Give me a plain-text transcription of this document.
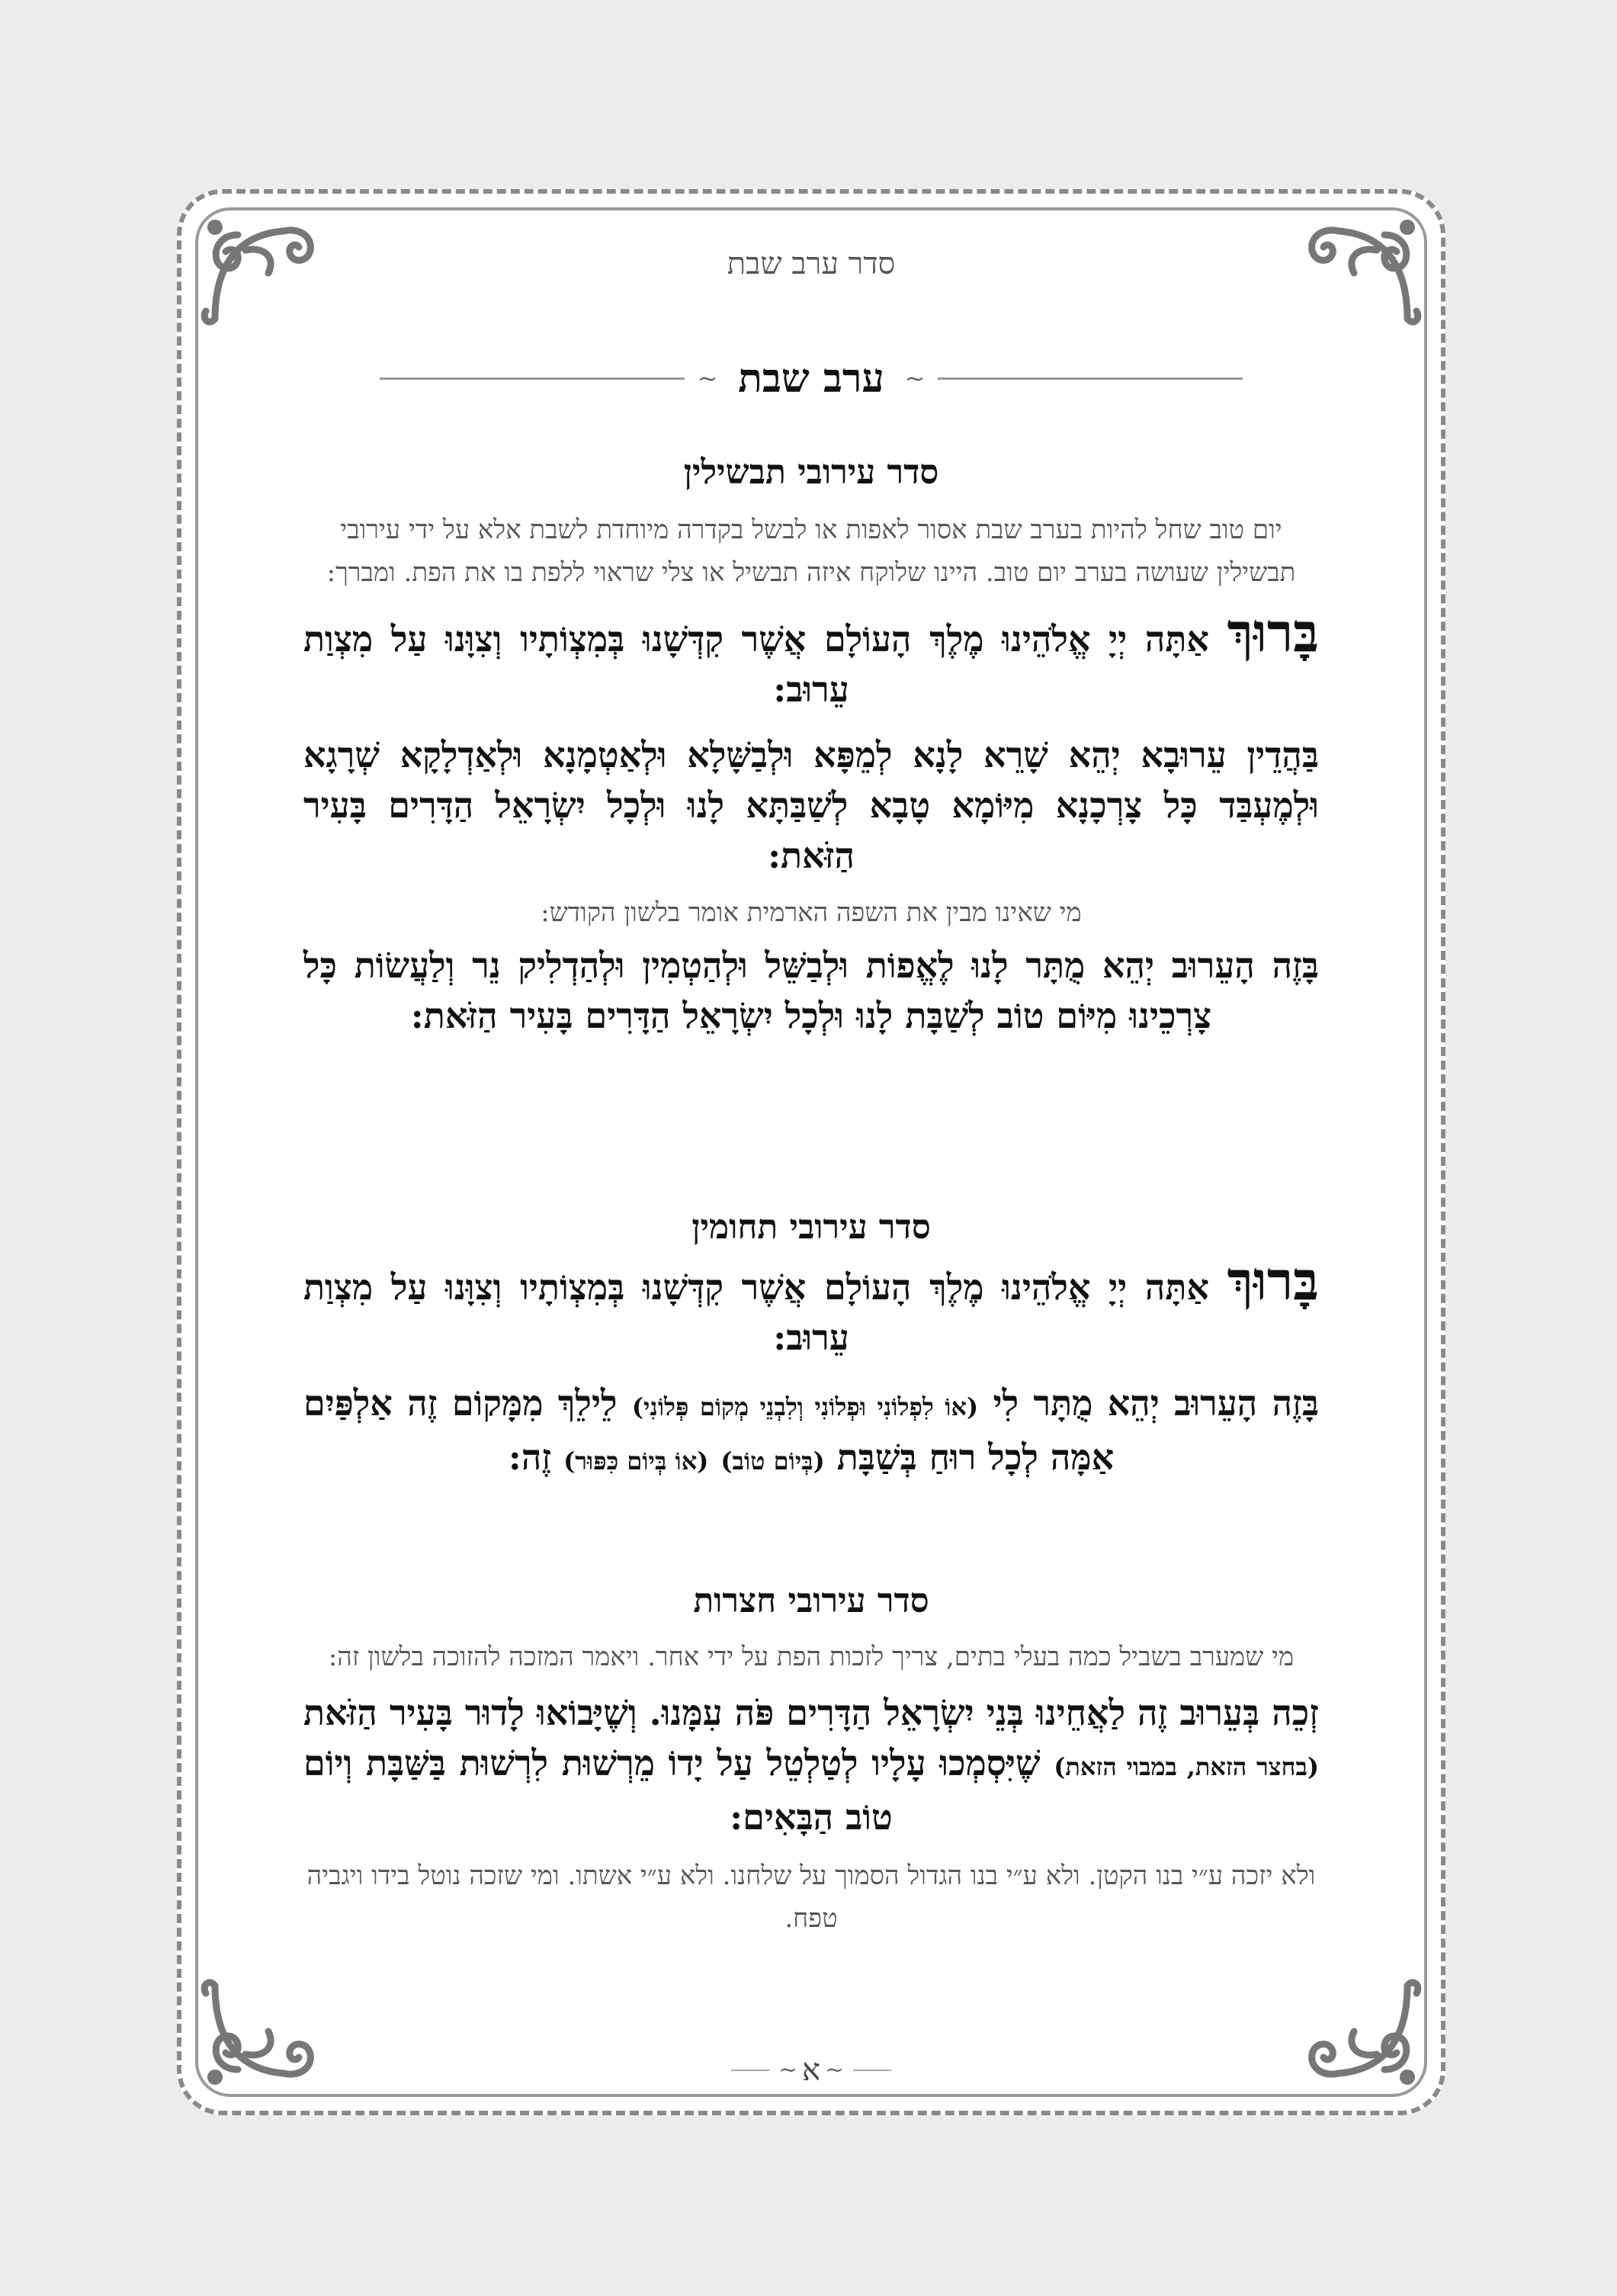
סדר ערב שבת
~
ערב שבת
~
סדר עירובי תבשילין
יום טוב שחל להיות בערב שבת אסור לאפות או לבשל בקדרה מיוחדת לשבת אלא על ידי עירובי תבשילין שעושה בערב יום טוב. היינו שלוקח איזה תבשיל או צלי שראוי ללפת בו את הפת. ומברך:
בָּרוּךְ אַתָּה יְיָ אֱלֹהֵינוּ מֶלֶךְ הָעוֹלָם אֲשֶׁר קִדְּשָׁנוּ בְּמִצְוֹתָיו וְצִוָּנוּ עַל מִצְוַת עֵרוּב:
בַּהֲדֵין עֵרוּבָא יְהֵא שָׁרֵא לָנָא לְמֵפָּא וּלְבַשָּׁלָא וּלְאַטְמָנָא וּלְאַדְלָקָא שְׁרָגָא וּלְמֶעְבַּד כָּל צָרְכָנָא מִיּוֹמָא טָבָא לְשַׁבַּתָּא לָנוּ וּלְכָל יִשְׂרָאֵל הַדָּרִים בָּעִיר הַזֹּאת:
מי שאינו מבין את השפה הארמית אומר בלשון הקודש:
בָּזֶה הָעֵרוּב יְהֵא מֻתָּר לָנוּ לֶאֱפוֹת וּלְבַשֵּׁל וּלְהַטְמִין וּלְהַדְלִיק נֵר וְלַעֲשׂוֹת כָּל צָרְכֵינוּ מִיּוֹם טוֹב לְשַׁבָּת לָנוּ וּלְכָל יִשְׂרָאֵל הַדָּרִים בָּעִיר הַזֹּאת:
סדר עירובי תחומין
בָּרוּךְ אַתָּה יְיָ אֱלֹהֵינוּ מֶלֶךְ הָעוֹלָם אֲשֶׁר קִדְּשָׁנוּ בְּמִצְוֹתָיו וְצִוָּנוּ עַל מִצְוַת עֵרוּב:
בָּזֶה הָעֵרוּב יְהֵא מֻתָּר לִי (אוֹ לִפְלוֹנִי וּפְלוֹנִי וְלִבְנֵי מְקוֹם פְּלוֹנִי) לֵילֵךְ מִמָּקוֹם זֶה אַלְפַּיִם אַמָּה לְכָל רוּחַ בְּשַׁבָּת (בְּיוֹם טוֹב) (אוֹ בְּיוֹם כִּפּוּר) זֶה:
סדר עירובי חצרות
מי שמערב בשביל כמה בעלי בתים, צריך לזכות הפת על ידי אחר. ויאמר המזכה להזוכה בלשון זה:
זְכֵה בְּעֵרוּב זֶה לַאֲחֵינוּ בְּנֵי יִשְׂרָאֵל הַדָּרִים פֹּה עִמָּנוּ. וְשֶׁיָּבוֹאוּ לָדוּר בָּעִיר הַזֹּאת (בחצר הזאת, במבוי הזאת) שֶׁיִּסְמְכוּ עָלָיו לְטַלְטֵל עַל יָדוֹ מֵרְשׁוּת לִרְשׁוּת בַּשַּׁבָּת וְיוֹם טוֹב הַבָּאִים:
ולא יזכה ע״י בנו הקטן. ולא ע״י בנו הגדול הסמוך על שלחנו. ולא ע״י אשתו. ומי שזכה נוטל בידו ויגביה טפח.
~
א
~
